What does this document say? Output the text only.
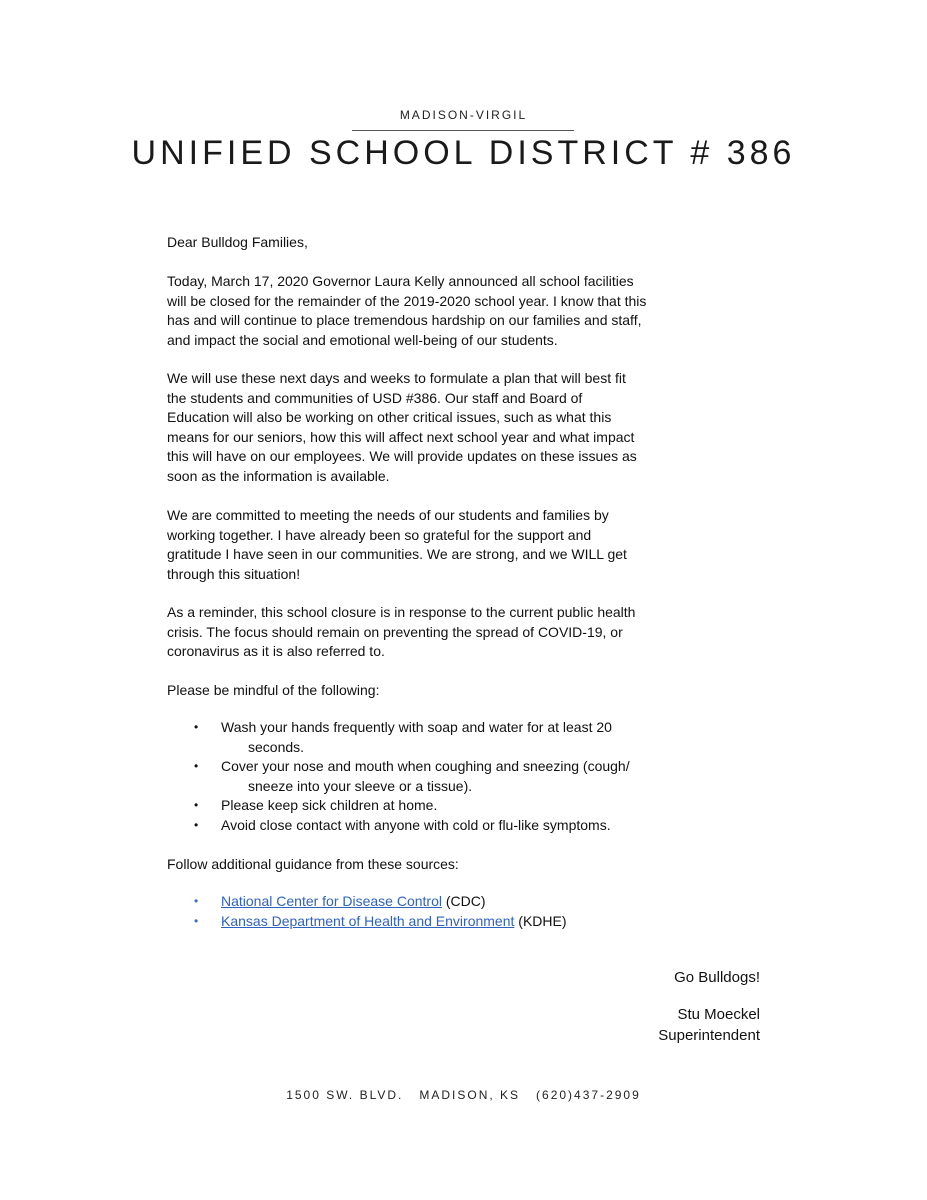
MADISON-VIRGIL
UNIFIED SCHOOL DISTRICT # 386

Dear Bulldog Families,

Today, March 17, 2020 Governor Laura Kelly announced all school facilities will be closed for the remainder of the 2019-2020 school year. I know that this has and will continue to place tremendous hardship on our families and staff, and impact the social and emotional well-being of our students.

We will use these next days and weeks to formulate a plan that will best fit the students and communities of USD #386. Our staff and Board of Education will also be working on other critical issues, such as what this means for our seniors, how this will affect next school year and what impact this will have on our employees. We will provide updates on these issues as soon as the information is available.

We are committed to meeting the needs of our students and families by working together. I have already been so grateful for the support and gratitude I have seen in our communities. We are strong, and we WILL get through this situation!

As a reminder, this school closure is in response to the current public health crisis. The focus should remain on preventing the spread of COVID-19, or coronavirus as it is also referred to.

Please be mindful of the following:

• Wash your hands frequently with soap and water for at least 20
seconds.
• Cover your nose and mouth when coughing and sneezing (cough/
sneeze into your sleeve or a tissue).
• Please keep sick children at home.
• Avoid close contact with anyone with cold or flu-like symptoms.

Follow additional guidance from these sources:

• National Center for Disease Control (CDC)
• Kansas Department of Health and Environment (KDHE)

Go Bulldogs!

Stu Moeckel

Superintendent

1500 SW. BLVD.   MADISON, KS   (620)437-2909
